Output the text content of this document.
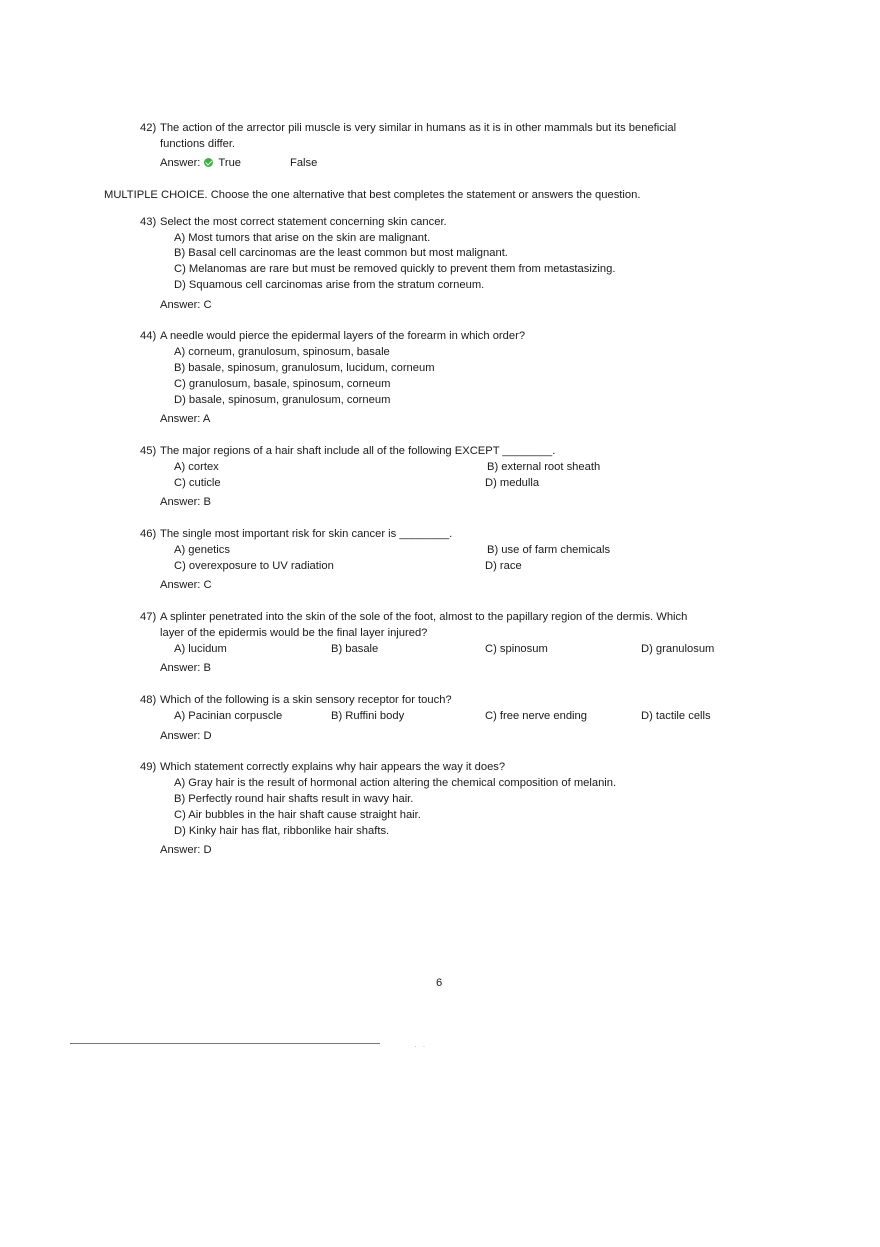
42) The action of the arrector pili muscle is very similar in humans as it is in other mammals but its beneficial
functions differ.
Answer: True	False
MULTIPLE CHOICE. Choose the one alternative that best completes the statement or answers the question.
43) Select the most correct statement concerning skin cancer.
A) Most tumors that arise on the skin are malignant.
B) Basal cell carcinomas are the least common but most malignant.
C) Melanomas are rare but must be removed quickly to prevent them from metastasizing.
D) Squamous cell carcinomas arise from the stratum corneum.
Answer: C
44) A needle would pierce the epidermal layers of the forearm in which order?
A) corneum, granulosum, spinosum, basale
B) basale, spinosum, granulosum, lucidum, corneum
C) granulosum, basale, spinosum, corneum
D) basale, spinosum, granulosum, corneum
Answer: A
45) The major regions of a hair shaft include all of the following EXCEPT ________.
A) cortex	B) external root sheath
C) cuticle	D) medulla
Answer: B
46) The single most important risk for skin cancer is ________.
A) genetics	B) use of farm chemicals
C) overexposure to UV radiation	D) race
Answer: C
47) A splinter penetrated into the skin of the sole of the foot, almost to the papillary region of the dermis. Which
layer of the epidermis would be the final layer injured?
A) lucidum	B) basale	C) spinosum	D) granulosum
Answer: B
48) Which of the following is a skin sensory receptor for touch?
A) Pacinian corpuscle	B) Ruffini body	C) free nerve ending	D) tactile cells
Answer: D
49) Which statement correctly explains why hair appears the way it does?
A) Gray hair is the result of hormonal action altering the chemical composition of melanin.
B) Perfectly round hair shafts result in wavy hair.
C) Air bubbles in the hair shaft cause straight hair.
D) Kinky hair has flat, ribbonlike hair shafts.
Answer: D
6
··
